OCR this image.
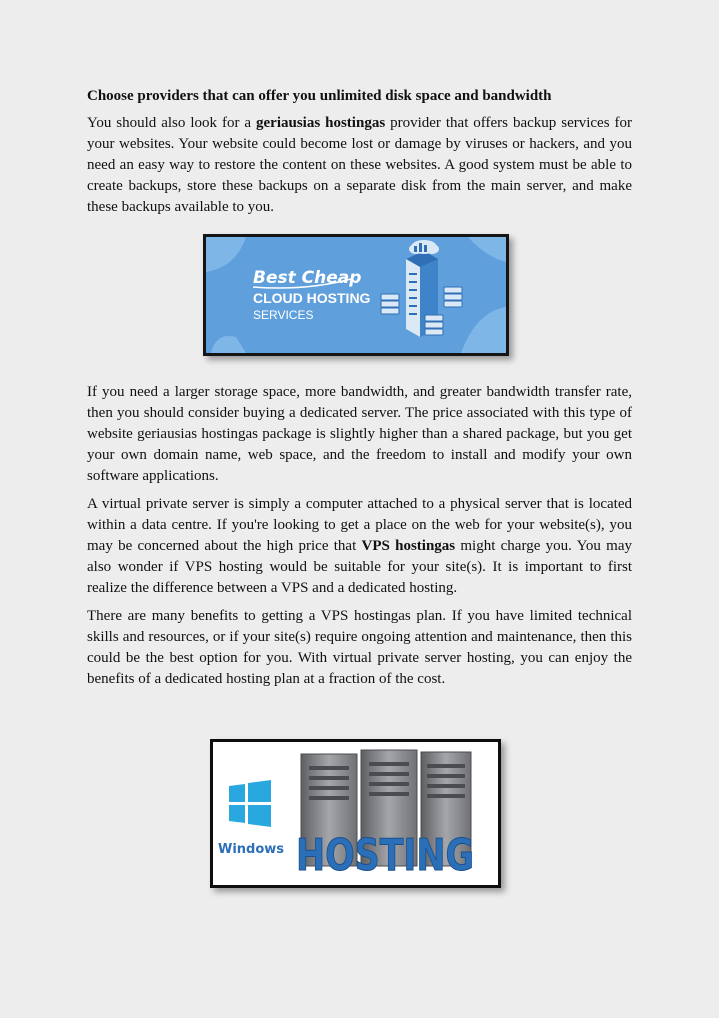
Choose providers that can offer you unlimited disk space and bandwidth

You should also look for a geriausias hostingas provider that offers backup services for your websites. Your website could become lost or damage by viruses or hackers, and you need an easy way to restore the content on these websites. A good system must be able to create backups, store these backups on a separate disk from the main server, and make these backups available to you.

If you need a larger storage space, more bandwidth, and greater bandwidth transfer rate, then you should consider buying a dedicated server. The price associated with this type of website geriausias hostingas package is slightly higher than a shared package, but you get your own domain name, web space, and the freedom to install and modify your own software applications.

A virtual private server is simply a computer attached to a physical server that is located within a data centre. If you're looking to get a place on the web for your website(s), you may be concerned about the high price that VPS hostingas might charge you. You may also wonder if VPS hosting would be suitable for your site(s). It is important to first realize the difference between a VPS and a dedicated hosting.

There are many benefits to getting a VPS hostingas plan. If you have limited technical skills and resources, or if your site(s) require ongoing attention and maintenance, then this could be the best option for you. With virtual private server hosting, you can enjoy the benefits of a dedicated hosting plan at a fraction of the cost.

Best Cheap
CLOUD HOSTING
SERVICES
Windows HOSTING
